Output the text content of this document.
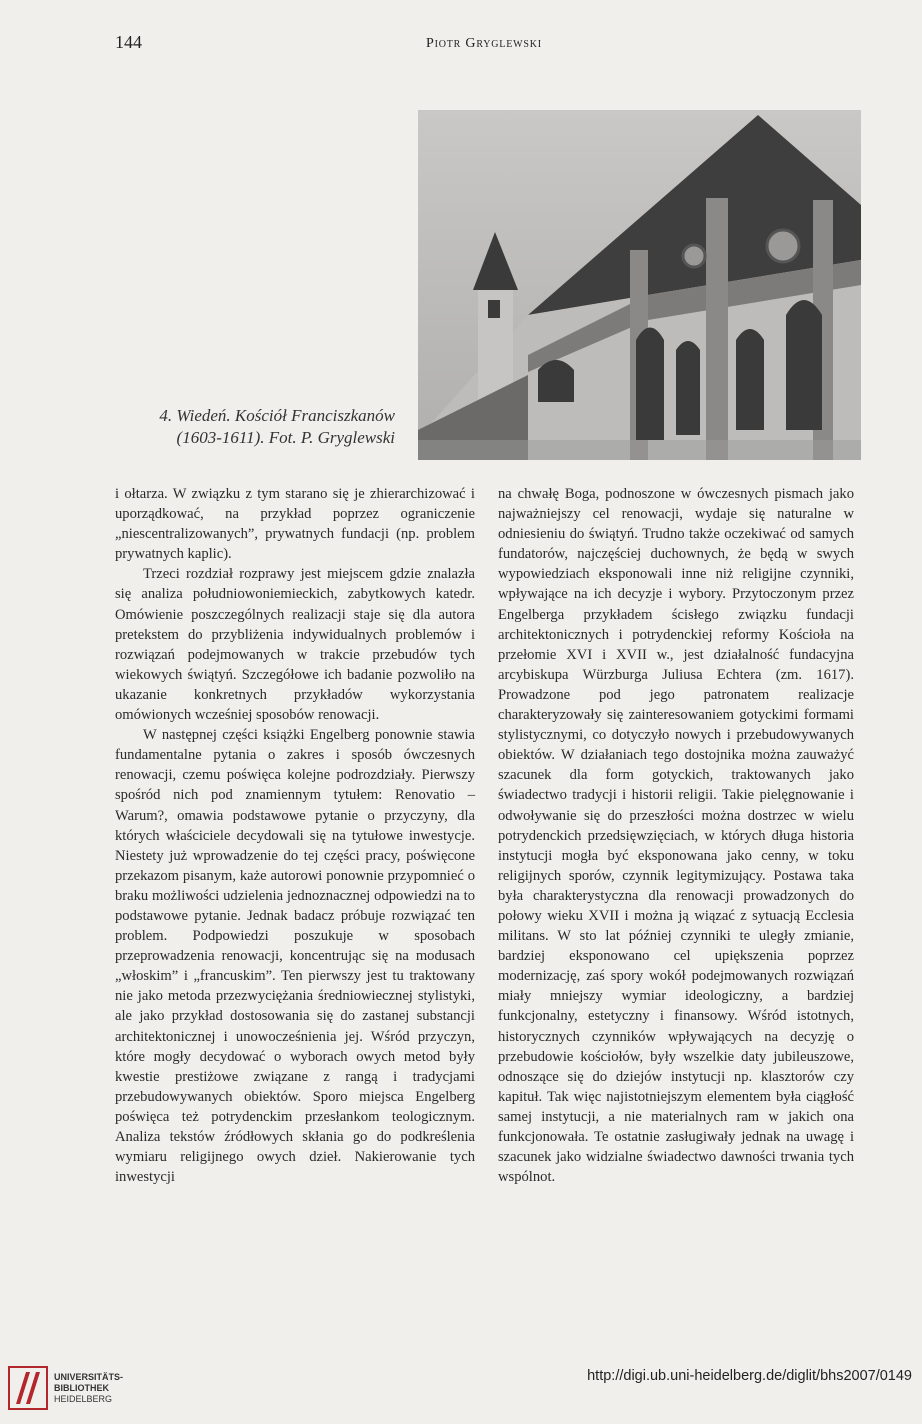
144	Piotr Gryglewski
4. Wiedeń. Kościół Franciszkanów
(1603-1611). Fot. P. Gryglewski

i ołtarza. W związku z tym starano się je zhierarchizować i uporządkować, na przykład poprzez ograniczenie „niescentralizowanych”, prywatnych fundacji (np. problem prywatnych kaplic).

Trzeci rozdział rozprawy jest miejscem gdzie znalazła się analiza południowoniemieckich, zabytkowych katedr. Omówienie poszczególnych realizacji staje się dla autora pretekstem do przybliżenia indywidualnych problemów i rozwiązań podejmowanych w trakcie przebudów tych wiekowych świątyń. Szczegółowe ich badanie pozwoliło na ukazanie konkretnych przykładów wykorzystania omówionych wcześniej sposobów renowacji.

W następnej części książki Engelberg ponownie stawia fundamentalne pytania o zakres i sposób ówczesnych renowacji, czemu poświęca kolejne podrozdziały. Pierwszy spośród nich pod znamiennym tytułem: Renovatio – Warum?, omawia podstawowe pytanie o przyczyny, dla których właściciele decydowali się na tytułowe inwestycje. Niestety już wprowadzenie do tej części pracy, poświęcone przekazom pisanym, każe autorowi ponownie przypomnieć o braku możliwości udzielenia jednoznacznej odpowiedzi na to podstawowe pytanie. Jednak badacz próbuje rozwiązać ten problem. Podpowiedzi poszukuje w sposobach przeprowadzenia renowacji, koncentrując się na modusach „włoskim” i „francuskim”. Ten pierwszy jest tu traktowany nie jako metoda przezwyciężania średniowiecznej stylistyki, ale jako przykład dostosowania się do zastanej substancji architektonicznej i unowocześnienia jej. Wśród przyczyn, które mogły decydować o wyborach owych metod były kwestie prestiżowe związane z rangą i tradycjami przebudowywanych obiektów. Sporo miejsca Engelberg poświęca też potrydenckim przesłankom teologicznym. Analiza tekstów źródłowych skłania go do podkreślenia wymiaru religijnego owych dzieł. Nakierowanie tych inwestycji

na chwałę Boga, podnoszone w ówczesnych pismach jako najważniejszy cel renowacji, wydaje się naturalne w odniesieniu do świątyń. Trudno także oczekiwać od samych fundatorów, najczęściej duchownych, że będą w swych wypowiedziach eksponowali inne niż religijne czynniki, wpływające na ich decyzje i wybory. Przytoczonym przez Engelberga przykładem ścisłego związku fundacji architektonicznych i potrydenckiej reformy Kościoła na przełomie XVI i XVII w., jest działalność fundacyjna arcybiskupa Würzburga Juliusa Echtera (zm. 1617). Prowadzone pod jego patronatem realizacje charakteryzowały się zainteresowaniem gotyckimi formami stylistycznymi, co dotyczyło nowych i przebudowywanych obiektów. W działaniach tego dostojnika można zauważyć szacunek dla form gotyckich, traktowanych jako świadectwo tradycji i historii religii. Takie pielęgnowanie i odwoływanie się do przeszłości można dostrzec w wielu potrydenckich przedsięwzięciach, w których długa historia instytucji mogła być eksponowana jako cenny, w toku religijnych sporów, czynnik legitymizujący. Postawa taka była charakterystyczna dla renowacji prowadzonych do połowy wieku XVII i można ją wiązać z sytuacją Ecclesia militans. W sto lat później czynniki te uległy zmianie, bardziej eksponowano cel upiększenia poprzez modernizację, zaś spory wokół podejmowanych rozwiązań miały mniejszy wymiar ideologiczny, a bardziej funkcjonalny, estetyczny i finansowy. Wśród istotnych, historycznych czynników wpływających na decyzję o przebudowie kościołów, były wszelkie daty jubileuszowe, odnoszące się do dziejów instytucji np. klasztorów czy kapituł. Tak więc najistotniejszym elementem była ciągłość samej instytucji, a nie materialnych ram w jakich ona funkcjonowała. Te ostatnie zasługiwały jednak na uwagę i szacunek jako widzialne świadectwo dawności trwania tych wspólnot.

UNIVERSITÄTS-
BIBLIOTHEK
HEIDELBERG
http://digi.ub.uni-heidelberg.de/diglit/bhs2007/0149
